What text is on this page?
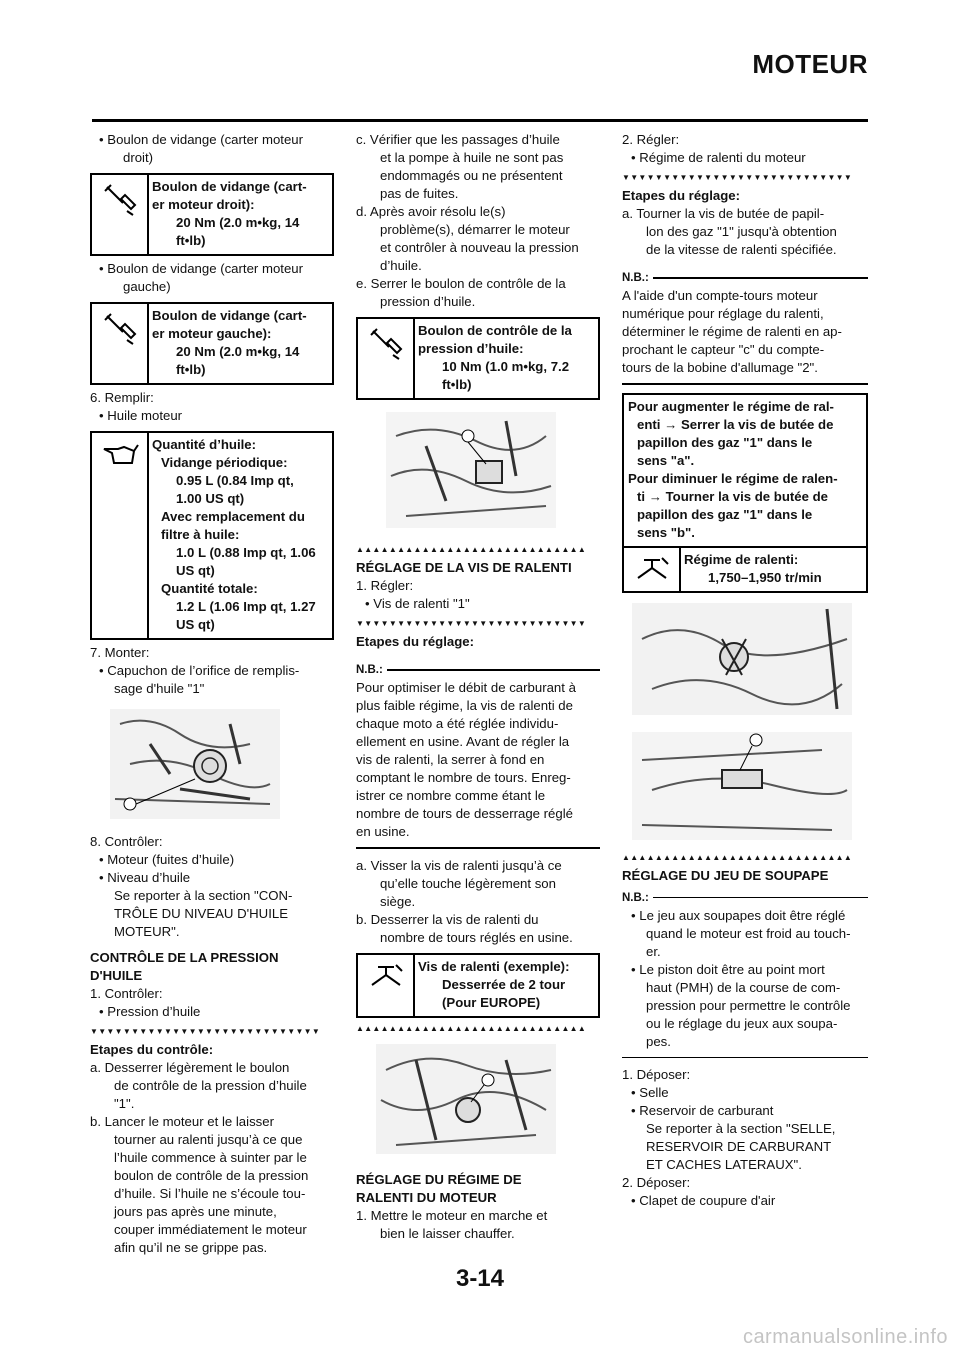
MOTEUR
• Boulon de vidange (carter moteur
droit)
Boulon de vidange (cart-
er moteur droit):
20 Nm (2.0 m•kg, 14
ft•lb)
• Boulon de vidange (carter moteur
gauche)
Boulon de vidange (cart-
er moteur gauche):
20 Nm (2.0 m•kg, 14
ft•lb)
6. Remplir:
• Huile moteur
Quantité d’huile:
Vidange périodique:
0.95 L (0.84 Imp qt,
1.00 US qt)
Avec remplacement du
filtre à huile:
1.0 L (0.88 Imp qt, 1.06
US qt)
Quantité totale:
1.2 L (1.06 Imp qt, 1.27
US qt)
7. Monter:
• Capuchon de l’orifice de remplis-
sage d'huile "1"
8. Contrôler:
• Moteur (fuites d’huile)
• Niveau d’huile
Se reporter à la section "CON-
TRÔLE DU NIVEAU D'HUILE
MOTEUR".
CONTRÔLE DE LA PRESSION
D'HUILE
1. Contrôler:
• Pression d’huile
▼▼▼▼▼▼▼▼▼▼▼▼▼▼▼▼▼▼▼▼▼▼▼▼▼▼▼▼
Etapes du contrôle:
a. Desserrer légèrement le boulon
de contrôle de la pression d’huile
"1".
b. Lancer le moteur et le laisser
tourner au ralenti jusqu’à ce que
l’huile commence à suinter par le
boulon de contrôle de la pression
d’huile. Si l’huile ne s’écoule tou-
jours pas après une minute,
couper immédiatement le moteur
afin qu’il ne se grippe pas.
c. Vérifier que les passages d’huile
et la pompe à huile ne sont pas
endommagés ou ne présentent
pas de fuites.
d. Après avoir résolu le(s)
problème(s), démarrer le moteur
et contrôler à nouveau la pression
d’huile.
e. Serrer le boulon de contrôle de la
pression d’huile.
Boulon de contrôle de la
pression d’huile:
10 Nm (1.0 m•kg, 7.2
ft•lb)
▲▲▲▲▲▲▲▲▲▲▲▲▲▲▲▲▲▲▲▲▲▲▲▲▲▲▲▲
RÉGLAGE DE LA VIS DE RALENTI
1. Régler:
• Vis de ralenti "1"
▼▼▼▼▼▼▼▼▼▼▼▼▼▼▼▼▼▼▼▼▼▼▼▼▼▼▼▼
Etapes du réglage:
N.B.:
Pour optimiser le débit de carburant à
plus faible régime, la vis de ralenti de
chaque moto a été réglée individu-
ellement en usine. Avant de régler la
vis de ralenti, la serrer à fond en
comptant le nombre de tours. Enreg-
istrer ce nombre comme étant le
nombre de tours de desserrage réglé
en usine.
a. Visser la vis de ralenti jusqu’à ce
qu’elle touche légèrement son
siège.
b. Desserrer la vis de ralenti du
nombre de tours réglés en usine.
Vis de ralenti (exemple):
Desserrée de 2 tour
(Pour EUROPE)
▲▲▲▲▲▲▲▲▲▲▲▲▲▲▲▲▲▲▲▲▲▲▲▲▲▲▲▲
RÉGLAGE DU RÉGIME DE
RALENTI DU MOTEUR
1. Mettre le moteur en marche et
bien le laisser chauffer.
2. Régler:
• Régime de ralenti du moteur
▼▼▼▼▼▼▼▼▼▼▼▼▼▼▼▼▼▼▼▼▼▼▼▼▼▼▼▼
Etapes du réglage:
a. Tourner la vis de butée de papil-
lon des gaz "1" jusqu'à obtention
de la vitesse de ralenti spécifiée.
N.B.:
A l'aide d'un compte-tours moteur
numérique pour réglage du ralenti,
déterminer le régime de ralenti en ap-
prochant le capteur "c" du compte-
tours de la bobine d'allumage "2".
Pour augmenter le régime de ral-
enti → Serrer la vis de butée de
papillon des gaz "1" dans le
sens "a".
Pour diminuer le régime de ralen-
ti → Tourner la vis de butée de
papillon des gaz "1" dans le
sens "b".
Régime de ralenti:
1,750–1,950 tr/min
▲▲▲▲▲▲▲▲▲▲▲▲▲▲▲▲▲▲▲▲▲▲▲▲▲▲▲▲
RÉGLAGE DU JEU DE SOUPAPE
N.B.:
• Le jeu aux soupapes doit être réglé
quand le moteur est froid au touch-
er.
• Le piston doit être au point mort
haut (PMH) de la course de com-
pression pour permettre le contrôle
ou le réglage du jeux aux soupa-
pes.
1. Déposer:
• Selle
• Reservoir de carburant
Se reporter à la section "SELLE,
RESERVOIR DE CARBURANT
ET CACHES LATERAUX".
2. Déposer:
• Clapet de coupure d'air
3-14
carmanualsonline.info
